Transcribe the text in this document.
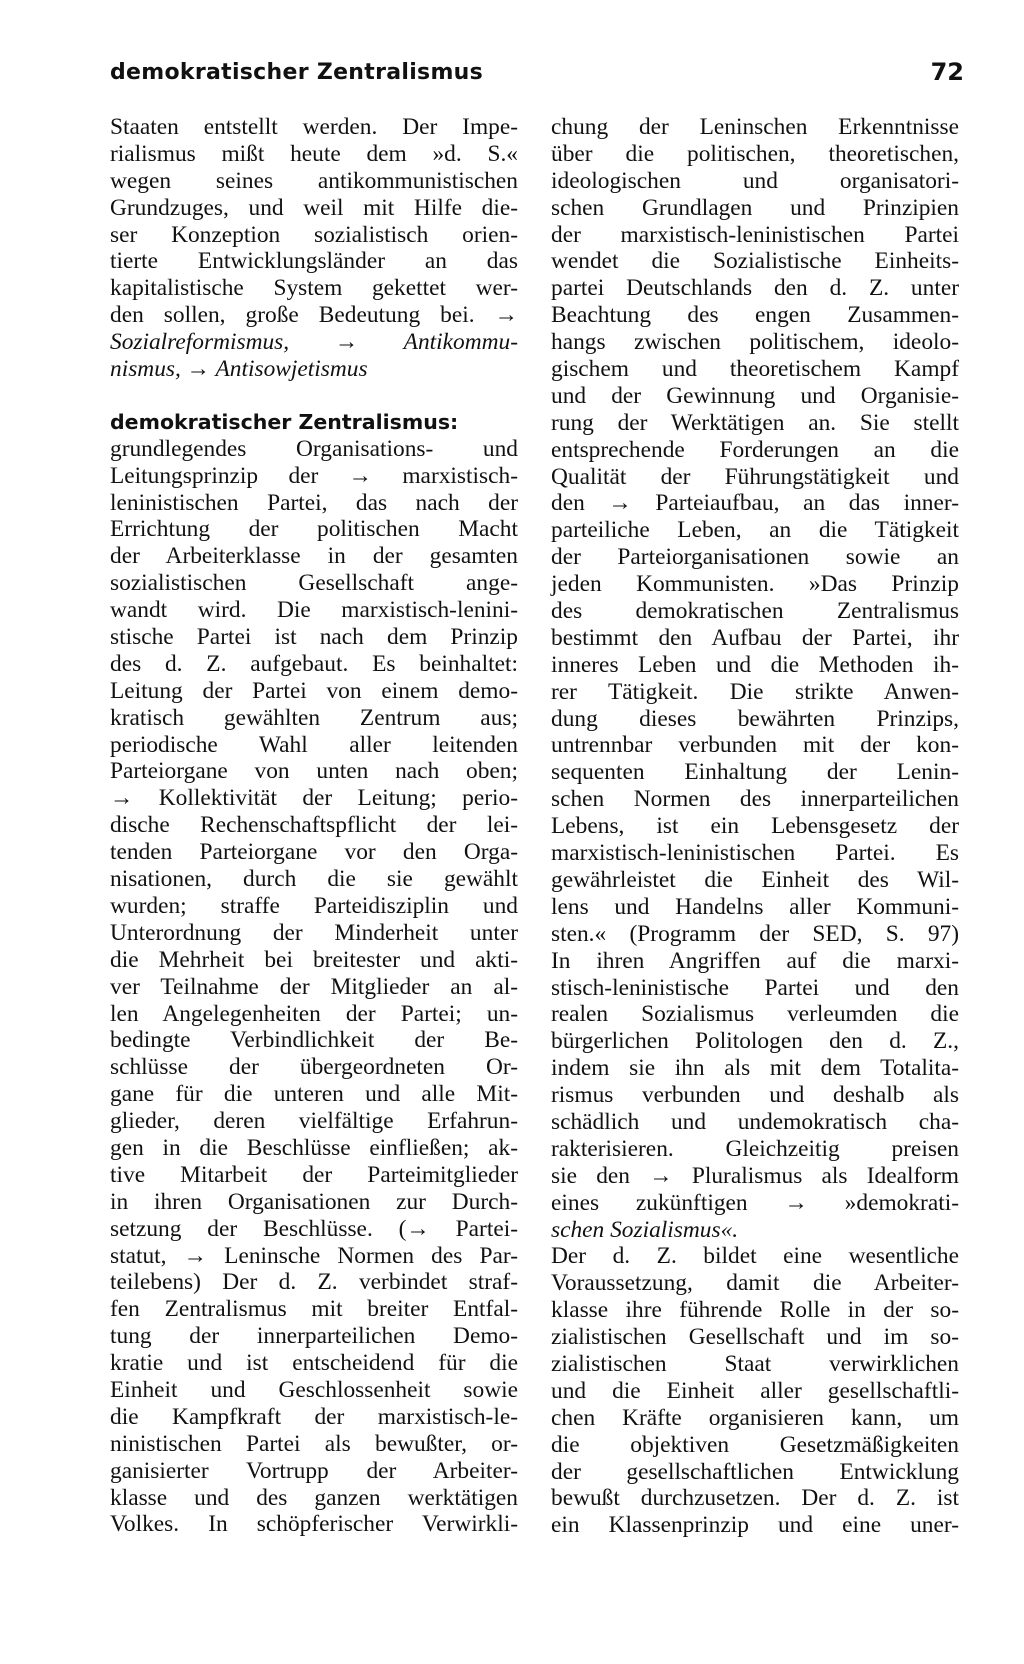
demokratischer Zentralismus	72
Staaten entstellt werden. Der Impe-
rialismus mißt heute dem »d. S.«
wegen seines antikommunistischen
Grundzuges, und weil mit Hilfe die-
ser Konzeption sozialistisch orien-
tierte Entwicklungsländer an das
kapitalistische System gekettet wer-
den sollen, große Bedeutung bei. →
Sozialreformismus, → Antikommu-
nismus, → Antisowjetismus
demokratischer Zentralismus:
grundlegendes Organisations- und
Leitungsprinzip der → marxistisch-
leninistischen Partei, das nach der
Errichtung der politischen Macht
der Arbeiterklasse in der gesamten
sozialistischen Gesellschaft ange-
wandt wird. Die marxistisch-lenini-
stische Partei ist nach dem Prinzip
des d. Z. aufgebaut. Es beinhaltet:
Leitung der Partei von einem demo-
kratisch gewählten Zentrum aus;
periodische Wahl aller leitenden
Parteiorgane von unten nach oben;
→ Kollektivität der Leitung; perio-
dische Rechenschaftspflicht der lei-
tenden Parteiorgane vor den Orga-
nisationen, durch die sie gewählt
wurden; straffe Parteidisziplin und
Unterordnung der Minderheit unter
die Mehrheit bei breitester und akti-
ver Teilnahme der Mitglieder an al-
len Angelegenheiten der Partei; un-
bedingte Verbindlichkeit der Be-
schlüsse der übergeordneten Or-
gane für die unteren und alle Mit-
glieder, deren vielfältige Erfahrun-
gen in die Beschlüsse einfließen; ak-
tive Mitarbeit der Parteimitglieder
in ihren Organisationen zur Durch-
setzung der Beschlüsse. (→ Partei-
statut, → Leninsche Normen des Par-
teilebens) Der d. Z. verbindet straf-
fen Zentralismus mit breiter Entfal-
tung der innerparteilichen Demo-
kratie und ist entscheidend für die
Einheit und Geschlossenheit sowie
die Kampfkraft der marxistisch-le-
ninistischen Partei als bewußter, or-
ganisierter Vortrupp der Arbeiter-
klasse und des ganzen werktätigen
Volkes. In schöpferischer Verwirkli-
chung der Leninschen Erkenntnisse
über die politischen, theoretischen,
ideologischen und organisatori-
schen Grundlagen und Prinzipien
der marxistisch-leninistischen Partei
wendet die Sozialistische Einheits-
partei Deutschlands den d. Z. unter
Beachtung des engen Zusammen-
hangs zwischen politischem, ideolo-
gischem und theoretischem Kampf
und der Gewinnung und Organisie-
rung der Werktätigen an. Sie stellt
entsprechende Forderungen an die
Qualität der Führungstätigkeit und
den → Parteiaufbau, an das inner-
parteiliche Leben, an die Tätigkeit
der Parteiorganisationen sowie an
jeden Kommunisten. »Das Prinzip
des demokratischen Zentralismus
bestimmt den Aufbau der Partei, ihr
inneres Leben und die Methoden ih-
rer Tätigkeit. Die strikte Anwen-
dung dieses bewährten Prinzips,
untrennbar verbunden mit der kon-
sequenten Einhaltung der Lenin-
schen Normen des innerparteilichen
Lebens, ist ein Lebensgesetz der
marxistisch-leninistischen Partei. Es
gewährleistet die Einheit des Wil-
lens und Handelns aller Kommuni-
sten.« (Programm der SED, S. 97)
In ihren Angriffen auf die marxi-
stisch-leninistische Partei und den
realen Sozialismus verleumden die
bürgerlichen Politologen den d. Z.,
indem sie ihn als mit dem Totalita-
rismus verbunden und deshalb als
schädlich und undemokratisch cha-
rakterisieren. Gleichzeitig preisen
sie den → Pluralismus als Idealform
eines zukünftigen → »demokrati-
schen Sozialismus«.
Der d. Z. bildet eine wesentliche
Voraussetzung, damit die Arbeiter-
klasse ihre führende Rolle in der so-
zialistischen Gesellschaft und im so-
zialistischen Staat verwirklichen
und die Einheit aller gesellschaftli-
chen Kräfte organisieren kann, um
die objektiven Gesetzmäßigkeiten
der gesellschaftlichen Entwicklung
bewußt durchzusetzen. Der d. Z. ist
ein Klassenprinzip und eine uner-
